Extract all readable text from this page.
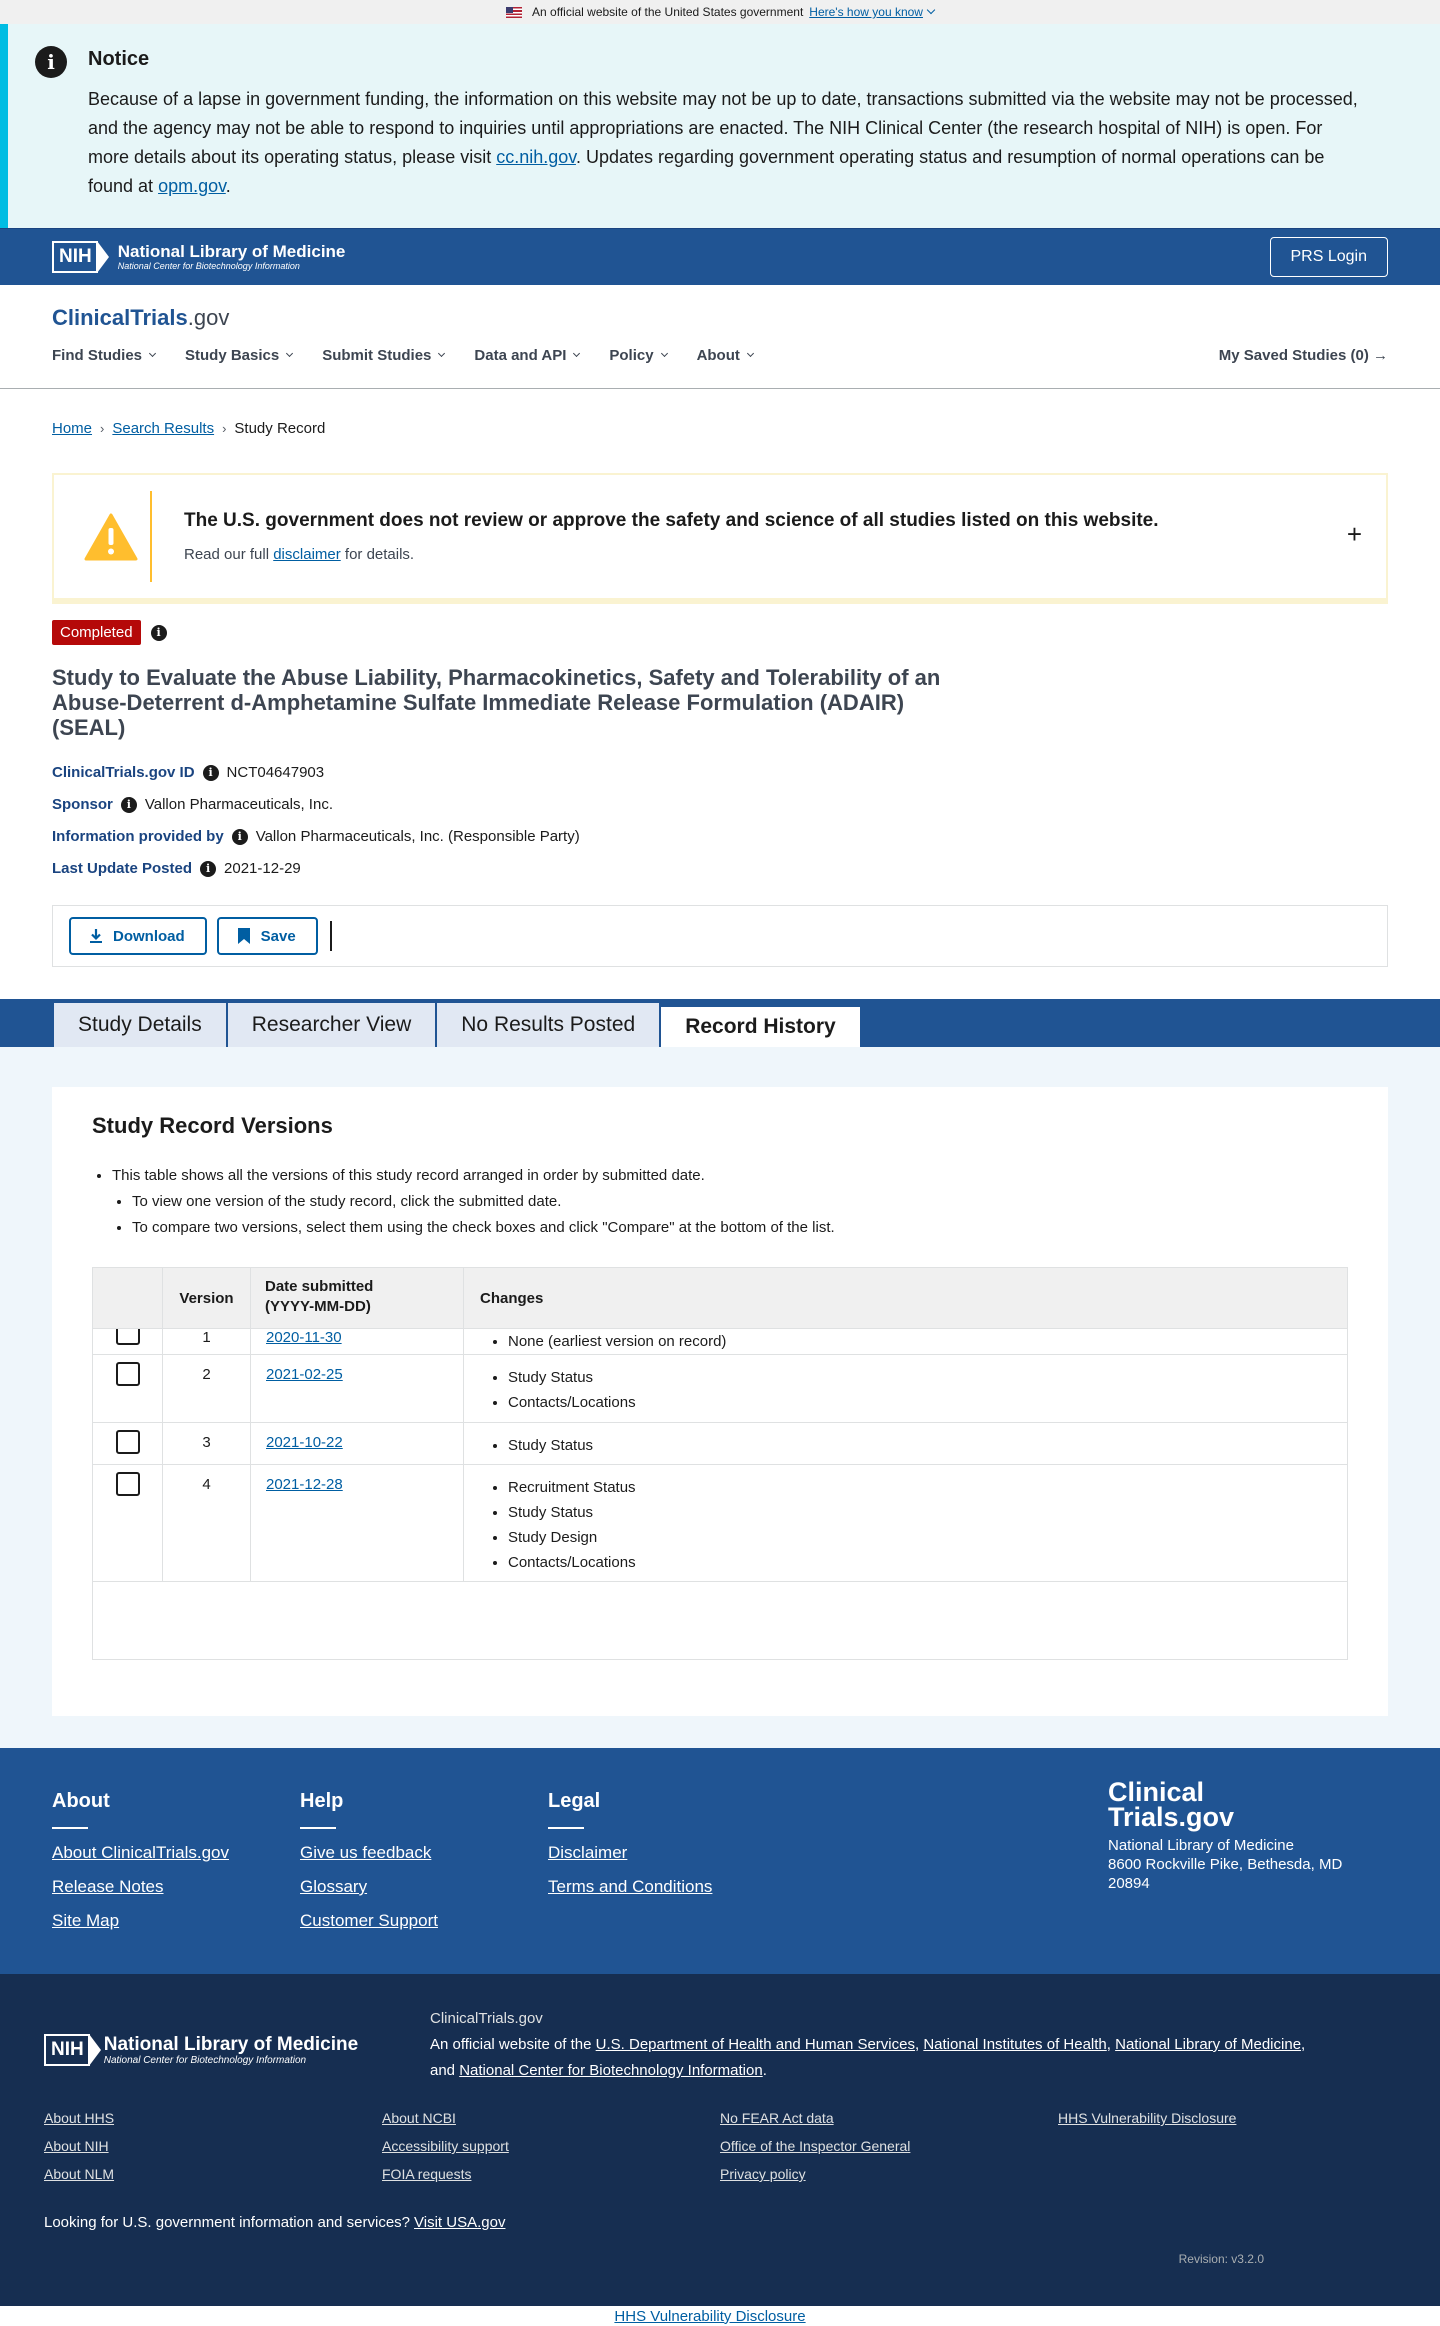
An official website of the United States government Here's how you know
i	Notice

Because of a lapse in government funding, the information on this website may not be up to date, transactions submitted via the website may not be processed, and the agency may not be able to respond to inquiries until appropriations are enacted. The NIH Clinical Center (the research hospital of NIH) is open. For more details about its operating status, please visit cc.nih.gov. Updates regarding government operating status and resumption of normal operations can be found at opm.gov.

NIH	National Library of Medicine
National Center for Biotechnology Information
PRS Login
ClinicalTrials.gov
Find Studies	Study Basics	Submit Studies	Data and API	Policy	About	My Saved Studies (0) →
Home › Search Results › Study Record
The U.S. government does not review or approve the safety and science of all studies listed on this website.
Read our full disclaimer for details.
+
Completed	i
Study to Evaluate the Abuse Liability, Pharmacokinetics, Safety and Tolerability of an Abuse-Deterrent d-Amphetamine Sulfate Immediate Release Formulation (ADAIR) (SEAL)
ClinicalTrials.gov ID	i NCT04647903
Sponsor	i Vallon Pharmaceuticals, Inc.
Information provided by	i Vallon Pharmaceuticals, Inc. (Responsible Party)
Last Update Posted	i 2021-12-29
Download	Save
Study Details	Researcher View	No Results Posted	Record History
Study Record Versions
• This table shows all the versions of this study record arranged in order by submitted date.
• To view one version of the study record, click the submitted date.
• To compare two versions, select them using the check boxes and click "Compare" at the bottom of the list.
Version
Date submitted
(YYYY-MM-DD)	Changes
1	2020-11-30	• None (earliest version on record)
2	2021-02-25	• Study Status
• Contacts/Locations
3	2021-10-22	• Study Status
4	2021-12-28	• Recruitment Status
• Study Status
• Study Design
• Contacts/Locations
About
About ClinicalTrials.gov
Release Notes
Site Map
Help
Give us feedback
Glossary
Customer Support
Legal
Disclaimer
Terms and Conditions
Clinical
Trials.gov
National Library of Medicine
8600 Rockville Pike, Bethesda, MD
20894
NIH	National Library of Medicine
National Center for Biotechnology Information
ClinicalTrials.gov
An official website of the U.S. Department of Health and Human Services, National Institutes of Health, National Library of Medicine,
and National Center for Biotechnology Information.
About HHS
About NIH
About NLM
About NCBI
Accessibility support
FOIA requests
No FEAR Act data
Office of the Inspector General
Privacy policy
HHS Vulnerability Disclosure
Looking for U.S. government information and services? Visit USA.gov
Revision: v3.2.0
HHS Vulnerability Disclosure
